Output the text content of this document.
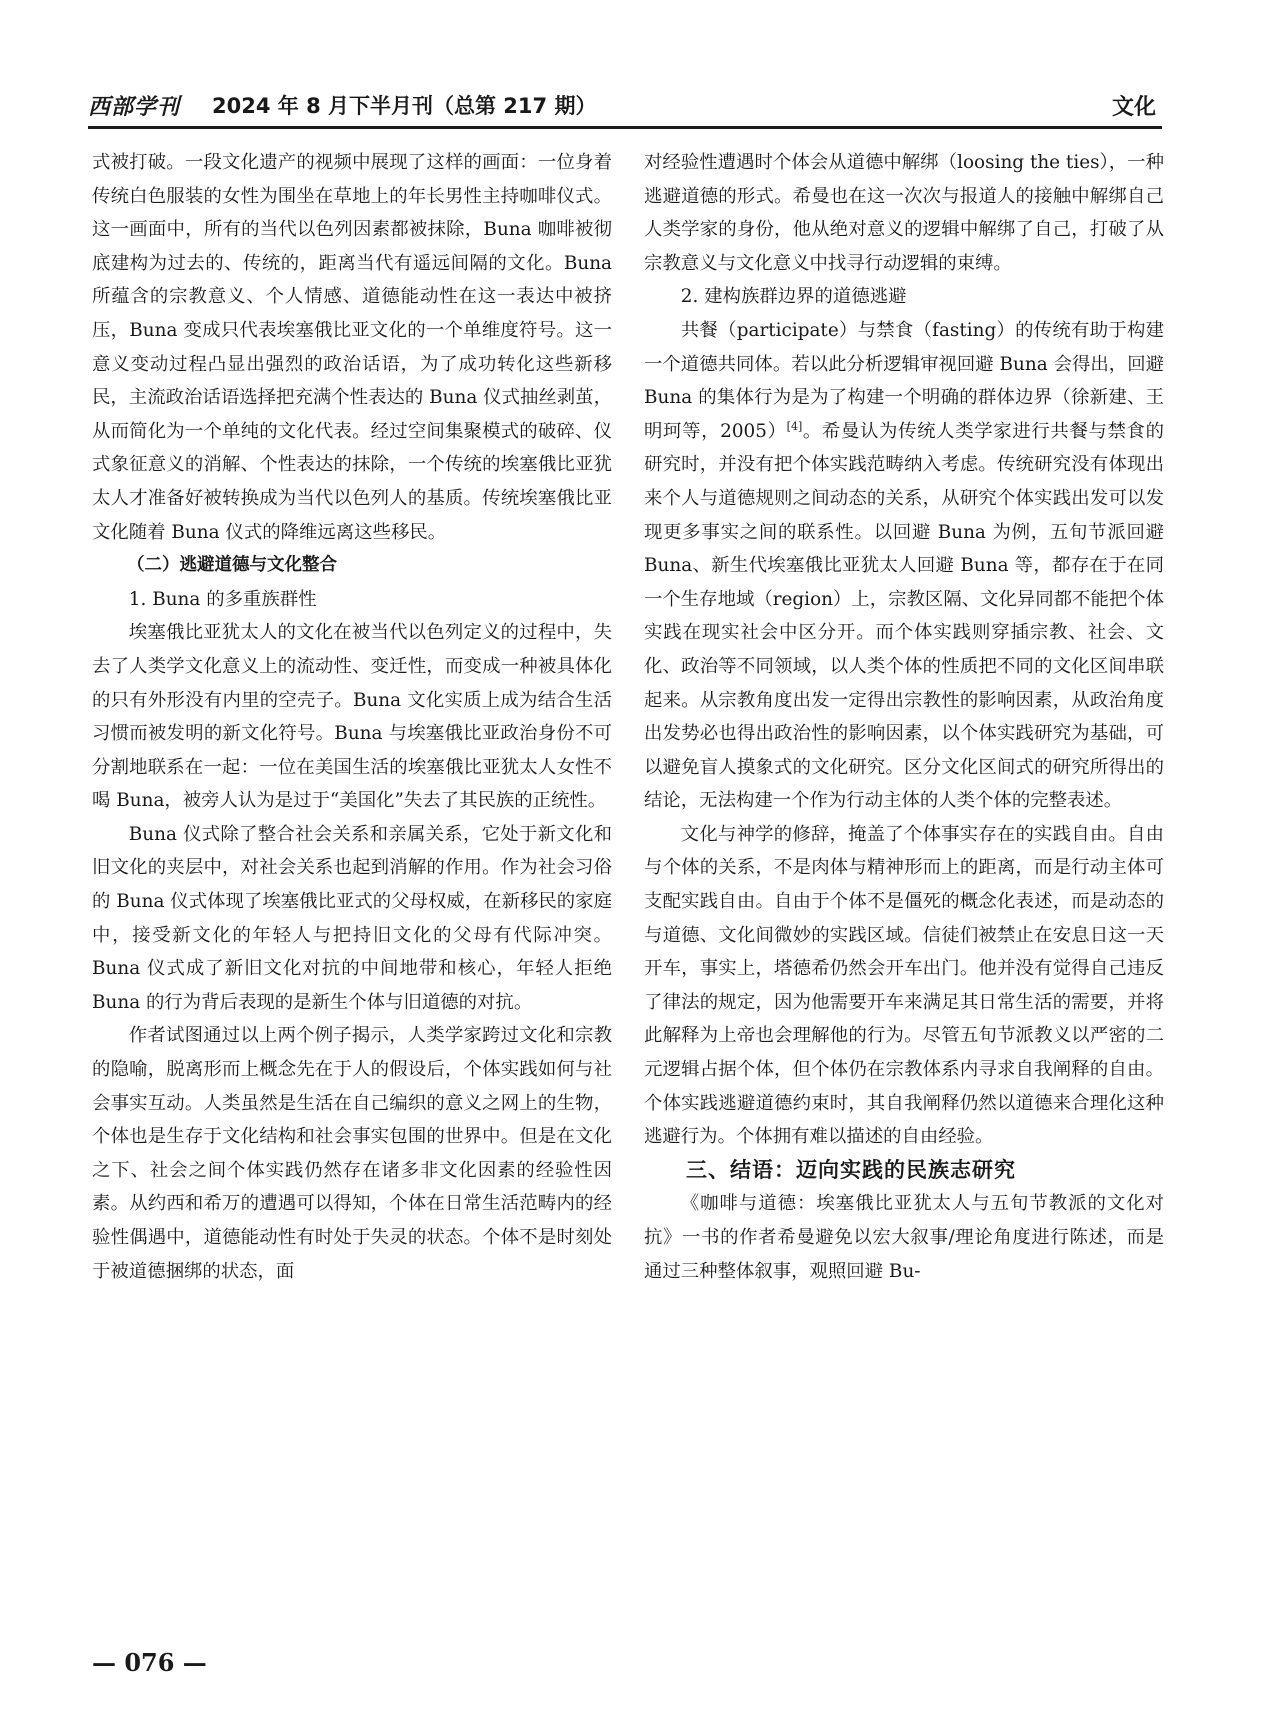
西部学刊 2024 年 8 月下半月刊（总第 217 期）	文化

式被打破。一段文化遗产的视频中展现了这样的画面：一位身着传统白色服装的女性为围坐在草地上的年长男性主持咖啡仪式。这一画面中，所有的当代以色列因素都被抹除，Buna 咖啡被彻底建构为过去的、传统的，距离当代有遥远间隔的文化。Buna 所蕴含的宗教意义、个人情感、道德能动性在这一表达中被挤压，Buna 变成只代表埃塞俄比亚文化的一个单维度符号。这一意义变动过程凸显出强烈的政治话语，为了成功转化这些新移民，主流政治话语选择把充满个性表达的 Buna 仪式抽丝剥茧，从而简化为一个单纯的文化代表。经过空间集聚模式的破碎、仪式象征意义的消解、个性表达的抹除，一个传统的埃塞俄比亚犹太人才准备好被转换成为当代以色列人的基质。传统埃塞俄比亚文化随着 Buna 仪式的降维远离这些移民。

（二）逃避道德与文化整合

1. Buna 的多重族群性

埃塞俄比亚犹太人的文化在被当代以色列定义的过程中，失去了人类学文化意义上的流动性、变迁性，而变成一种被具体化的只有外形没有内里的空壳子。Buna 文化实质上成为结合生活习惯而被发明的新文化符号。Buna 与埃塞俄比亚政治身份不可分割地联系在一起：一位在美国生活的埃塞俄比亚犹太人女性不喝 Buna，被旁人认为是过于“美国化”失去了其民族的正统性。

Buna 仪式除了整合社会关系和亲属关系，它处于新文化和旧文化的夹层中，对社会关系也起到消解的作用。作为社会习俗的 Buna 仪式体现了埃塞俄比亚式的父母权威，在新移民的家庭中，接受新文化的年轻人与把持旧文化的父母有代际冲突。Buna 仪式成了新旧文化对抗的中间地带和核心，年轻人拒绝 Buna 的行为背后表现的是新生个体与旧道德的对抗。

作者试图通过以上两个例子揭示，人类学家跨过文化和宗教的隐喻，脱离形而上概念先在于人的假设后，个体实践如何与社会事实互动。人类虽然是生活在自己编织的意义之网上的生物，个体也是生存于文化结构和社会事实包围的世界中。但是在文化之下、社会之间个体实践仍然存在诸多非文化因素的经验性因素。从约西和希万的遭遇可以得知，个体在日常生活范畴内的经验性偶遇中，道德能动性有时处于失灵的状态。个体不是时刻处于被道德捆绑的状态，面

对经验性遭遇时个体会从道德中解绑（loosing the ties），一种逃避道德的形式。希曼也在这一次次与报道人的接触中解绑自己人类学家的身份，他从绝对意义的逻辑中解绑了自己，打破了从宗教意义与文化意义中找寻行动逻辑的束缚。

2. 建构族群边界的道德逃避

共餐（participate）与禁食（fasting）的传统有助于构建一个道德共同体。若以此分析逻辑审视回避 Buna 会得出，回避 Buna 的集体行为是为了构建一个明确的群体边界（徐新建、王明珂等，2005）[4]。希曼认为传统人类学家进行共餐与禁食的研究时，并没有把个体实践范畴纳入考虑。传统研究没有体现出来个人与道德规则之间动态的关系，从研究个体实践出发可以发现更多事实之间的联系性。以回避 Buna 为例，五旬节派回避 Buna、新生代埃塞俄比亚犹太人回避 Buna 等，都存在于在同一个生存地域（region）上，宗教区隔、文化异同都不能把个体实践在现实社会中区分开。而个体实践则穿插宗教、社会、文化、政治等不同领域，以人类个体的性质把不同的文化区间串联起来。从宗教角度出发一定得出宗教性的影响因素，从政治角度出发势必也得出政治性的影响因素，以个体实践研究为基础，可以避免盲人摸象式的文化研究。区分文化区间式的研究所得出的结论，无法构建一个作为行动主体的人类个体的完整表述。

文化与神学的修辞，掩盖了个体事实存在的实践自由。自由与个体的关系，不是肉体与精神形而上的距离，而是行动主体可支配实践自由。自由于个体不是僵死的概念化表述，而是动态的与道德、文化间微妙的实践区域。信徒们被禁止在安息日这一天开车，事实上，塔德希仍然会开车出门。他并没有觉得自己违反了律法的规定，因为他需要开车来满足其日常生活的需要，并将此解释为上帝也会理解他的行为。尽管五旬节派教义以严密的二元逻辑占据个体，但个体仍在宗教体系内寻求自我阐释的自由。个体实践逃避道德约束时，其自我阐释仍然以道德来合理化这种逃避行为。个体拥有难以描述的自由经验。

三、结语：迈向实践的民族志研究

《咖啡与道德：埃塞俄比亚犹太人与五旬节教派的文化对抗》一书的作者希曼避免以宏大叙事/理论角度进行陈述，而是通过三种整体叙事，观照回避 Bu-

— 076 —
